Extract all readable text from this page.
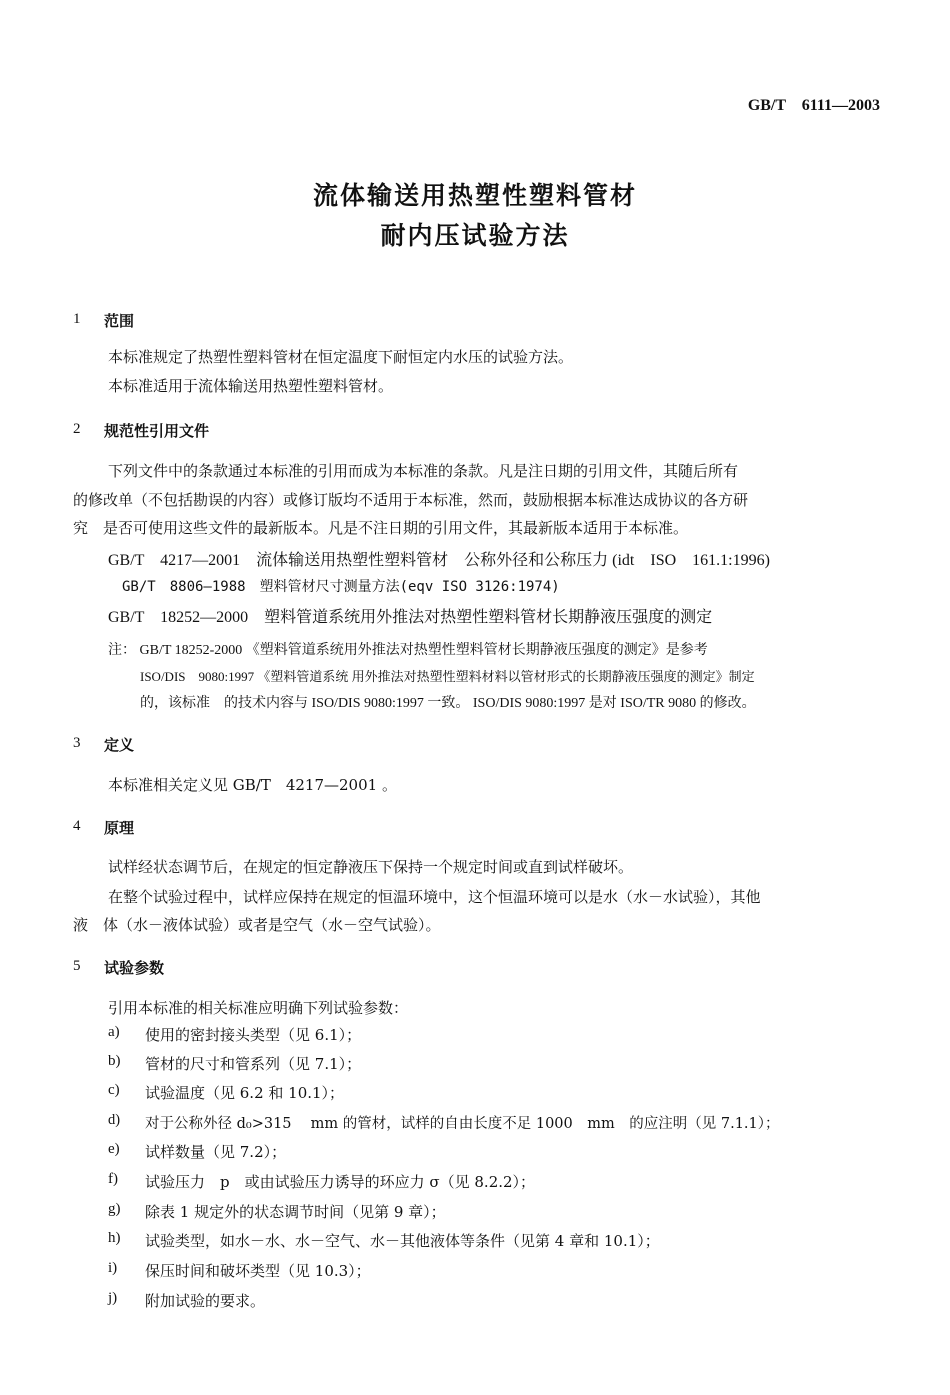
GB/T　6111—2003
流体输送用热塑性塑料管材
耐内压试验方法
1 范围
本标准规定了热塑性塑料管材在恒定温度下耐恒定内水压的试验方法。
本标准适用于流体输送用热塑性塑料管材。
2 规范性引用文件
下列文件中的条款通过本标准的引用而成为本标准的条款。凡是注日期的引用文件，其随后所有
的修改单（不包括勘误的内容）或修订版均不适用于本标准，然而，鼓励根据本标准达成协议的各方研
究　是否可使用这些文件的最新版本。凡是不注日期的引用文件，其最新版本适用于本标准。
GB/T　4217—2001　流体输送用热塑性塑料管材　公称外径和公称压力 (idt　ISO　161.1:1996)
GB/T　8806—1988　塑料管材尺寸测量方法(eqv ISO 3126:1974)
GB/T　18252—2000　塑料管道系统用外推法对热塑性塑料管材长期静液压强度的测定
注： GB/T 18252-2000 《塑料管道系统用外推法对热塑性塑料管材长期静液压强度的测定》是参考
ISO/DIS　9080:1997 《塑料管道系统 用外推法对热塑性塑料材料以管材形式的长期静液压强度的测定》制定
的，该标准　的技术内容与 ISO/DIS 9080:1997 一致。 ISO/DIS 9080:1997 是对 ISO/TR 9080 的修改。
3 定义
本标准相关定义见 GB/T　4217—2001 。
4 原理
试样经状态调节后，在规定的恒定静液压下保持一个规定时间或直到试样破坏。
在整个试验过程中，试样应保持在规定的恒温环境中，这个恒温环境可以是水（水－水试验），其他
液　体（水－液体试验）或者是空气（水－空气试验）。
5 试验参数
引用本标准的相关标准应明确下列试验参数：
a) 使用的密封接头类型（见 6.1）；
b) 管材的尺寸和管系列（见 7.1）；
c) 试验温度（见 6.2 和 10.1）；
d) 对于公称外径 d₀>315　 mm 的管材，试样的自由长度不足 1000　mm　的应注明（见 7.1.1）；
e) 试样数量（见 7.2）；
f) 试验压力　p　或由试验压力诱导的环应力 σ（见 8.2.2）；
g) 除表 1 规定外的状态调节时间（见第 9 章）；
h) 试验类型，如水－水、水－空气、水－其他液体等条件（见第 4 章和 10.1）；
i) 保压时间和破坏类型（见 10.3）；
j) 附加试验的要求。
